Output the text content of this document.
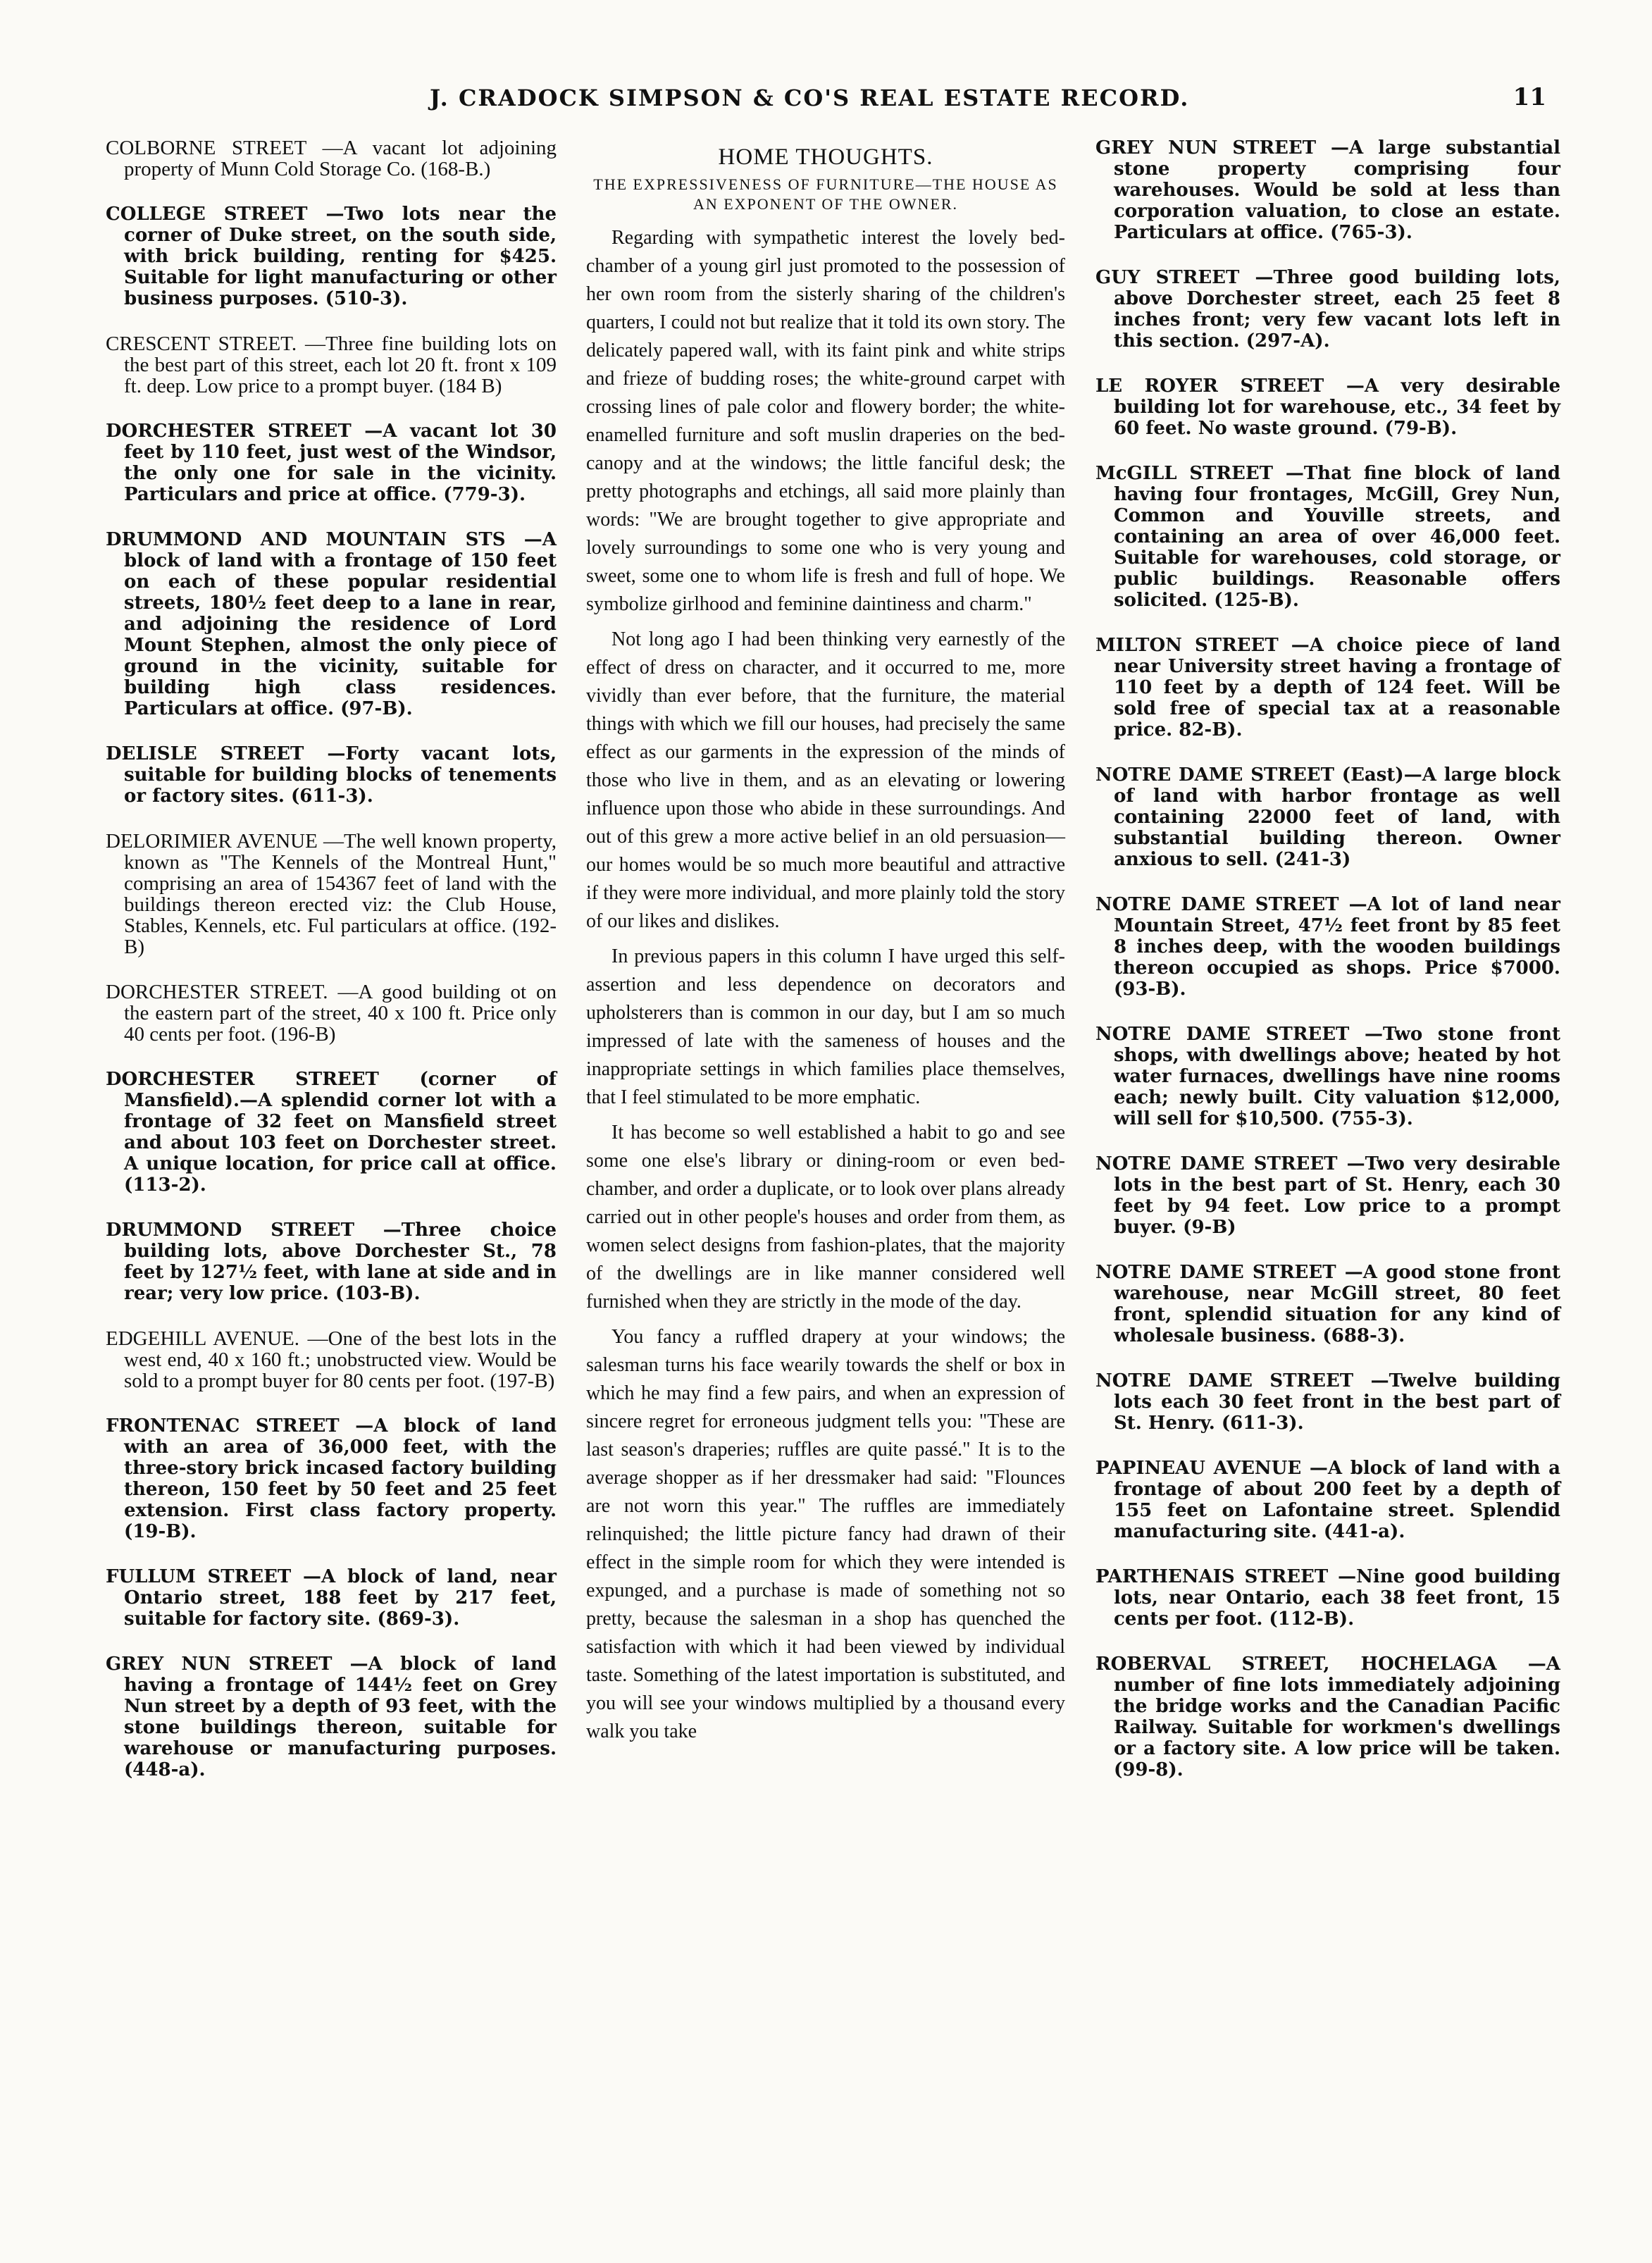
J. CRADOCK SIMPSON & CO'S REAL ESTATE RECORD.	11
COLBORNE STREET —A vacant lot adjoining property of Munn Cold Storage Co. (168-B.)
COLLEGE STREET —Two lots near the corner of Duke street, on the south side, with brick building, renting for $425. Suitable for light manufacturing or other business purposes. (510-3).
CRESCENT STREET. —Three fine building lots on the best part of this street, each lot 20 ft. front x 109 ft. deep. Low price to a prompt buyer. (184 B)
DORCHESTER STREET —A vacant lot 30 feet by 110 feet, just west of the Windsor, the only one for sale in the vicinity. Particulars and price at office. (779-3).
DRUMMOND AND MOUNTAIN STS —A block of land with a frontage of 150 feet on each of these popular residential streets, 180½ feet deep to a lane in rear, and adjoining the residence of Lord Mount Stephen, almost the only piece of ground in the vicinity, suitable for building high class residences. Particulars at office. (97-B).
DELISLE STREET —Forty vacant lots, suitable for building blocks of tenements or factory sites. (611-3).
DELORIMIER AVENUE —The well known property, known as "The Kennels of the Montreal Hunt," comprising an area of 154367 feet of land with the buildings thereon erected viz: the Club House, Stables, Kennels, etc. Ful particulars at office. (192-B)
DORCHESTER STREET. —A good building ot on the eastern part of the street, 40 x 100 ft. Price only 40 cents per foot. (196-B)
DORCHESTER STREET (corner of Mansfield).—A splendid corner lot with a frontage of 32 feet on Mansfield street and about 103 feet on Dorchester street. A unique location, for price call at office. (113-2).
DRUMMOND STREET —Three choice building lots, above Dorchester St., 78 feet by 127½ feet, with lane at side and in rear; very low price. (103-B).
EDGEHILL AVENUE. —One of the best lots in the west end, 40 x 160 ft.; unobstructed view. Would be sold to a prompt buyer for 80 cents per foot. (197-B)
FRONTENAC STREET —A block of land with an area of 36,000 feet, with the three-story brick incased factory building thereon, 150 feet by 50 feet and 25 feet extension. First class factory property. (19-B).
FULLUM STREET —A block of land, near Ontario street, 188 feet by 217 feet, suitable for factory site. (869-3).
GREY NUN STREET —A block of land having a frontage of 144½ feet on Grey Nun street by a depth of 93 feet, with the stone buildings thereon, suitable for warehouse or manufacturing purposes. (448-a).
HOME THOUGHTS.
THE EXPRESSIVENESS OF FURNITURE—THE HOUSE AS AN EXPONENT OF THE OWNER.

Regarding with sympathetic interest the lovely bed-chamber of a young girl just promoted to the possession of her own room from the sisterly sharing of the children's quarters, I could not but realize that it told its own story. The delicately papered wall, with its faint pink and white strips and frieze of budding roses; the white-ground carpet with crossing lines of pale color and flowery border; the white-enamelled furniture and soft muslin draperies on the bed-canopy and at the windows; the little fanciful desk; the pretty photographs and etchings, all said more plainly than words: "We are brought together to give appropriate and lovely surroundings to some one who is very young and sweet, some one to whom life is fresh and full of hope. We symbolize girlhood and feminine daintiness and charm."

Not long ago I had been thinking very earnestly of the effect of dress on character, and it occurred to me, more vividly than ever before, that the furniture, the material things with which we fill our houses, had precisely the same effect as our garments in the expression of the minds of those who live in them, and as an elevating or lowering influence upon those who abide in these surroundings. And out of this grew a more active belief in an old persuasion—our homes would be so much more beautiful and attractive if they were more individual, and more plainly told the story of our likes and dislikes.

In previous papers in this column I have urged this self-assertion and less dependence on decorators and upholsterers than is common in our day, but I am so much impressed of late with the sameness of houses and the inappropriate settings in which families place themselves, that I feel stimulated to be more emphatic.

It has become so well established a habit to go and see some one else's library or dining-room or even bed-chamber, and order a duplicate, or to look over plans already carried out in other people's houses and order from them, as women select designs from fashion-plates, that the majority of the dwellings are in like manner considered well furnished when they are strictly in the mode of the day.

You fancy a ruffled drapery at your windows; the salesman turns his face wearily towards the shelf or box in which he may find a few pairs, and when an expression of sincere regret for erroneous judgment tells you: "These are last season's draperies; ruffles are quite passé." It is to the average shopper as if her dressmaker had said: "Flounces are not worn this year." The ruffles are immediately relinquished; the little picture fancy had drawn of their effect in the simple room for which they were intended is expunged, and a purchase is made of something not so pretty, because the salesman in a shop has quenched the satisfaction with which it had been viewed by individual taste. Something of the latest importation is substituted, and you will see your windows multiplied by a thousand every walk you take

GREY NUN STREET —A large substantial stone property comprising four warehouses. Would be sold at less than corporation valuation, to close an estate. Particulars at office. (765-3).
GUY STREET —Three good building lots, above Dorchester street, each 25 feet 8 inches front; very few vacant lots left in this section. (297-A).
LE ROYER STREET —A very desirable building lot for warehouse, etc., 34 feet by 60 feet. No waste ground. (79-B).
McGILL STREET —That fine block of land having four frontages, McGill, Grey Nun, Common and Youville streets, and containing an area of over 46,000 feet. Suitable for warehouses, cold storage, or public buildings. Reasonable offers solicited. (125-B).
MILTON STREET —A choice piece of land near University street having a frontage of 110 feet by a depth of 124 feet. Will be sold free of special tax at a reasonable price. 82-B).
NOTRE DAME STREET (East)—A large block of land with harbor frontage as well containing 22000 feet of land, with substantial building thereon. Owner anxious to sell. (241-3)
NOTRE DAME STREET —A lot of land near Mountain Street, 47½ feet front by 85 feet 8 inches deep, with the wooden buildings thereon occupied as shops. Price $7000. (93-B).
NOTRE DAME STREET —Two stone front shops, with dwellings above; heated by hot water furnaces, dwellings have nine rooms each; newly built. City valuation $12,000, will sell for $10,500. (755-3).
NOTRE DAME STREET —Two very desirable lots in the best part of St. Henry, each 30 feet by 94 feet. Low price to a prompt buyer. (9-B)
NOTRE DAME STREET —A good stone front warehouse, near McGill street, 80 feet front, splendid situation for any kind of wholesale business. (688-3).
NOTRE DAME STREET —Twelve building lots each 30 feet front in the best part of St. Henry. (611-3).
PAPINEAU AVENUE —A block of land with a frontage of about 200 feet by a depth of 155 feet on Lafontaine street. Splendid manufacturing site. (441-a).
PARTHENAIS STREET —Nine good building lots, near Ontario, each 38 feet front, 15 cents per foot. (112-B).
ROBERVAL STREET, HOCHELAGA —A number of fine lots immediately adjoining the bridge works and the Canadian Pacific Railway. Suitable for workmen's dwellings or a factory site. A low price will be taken. (99-8).
